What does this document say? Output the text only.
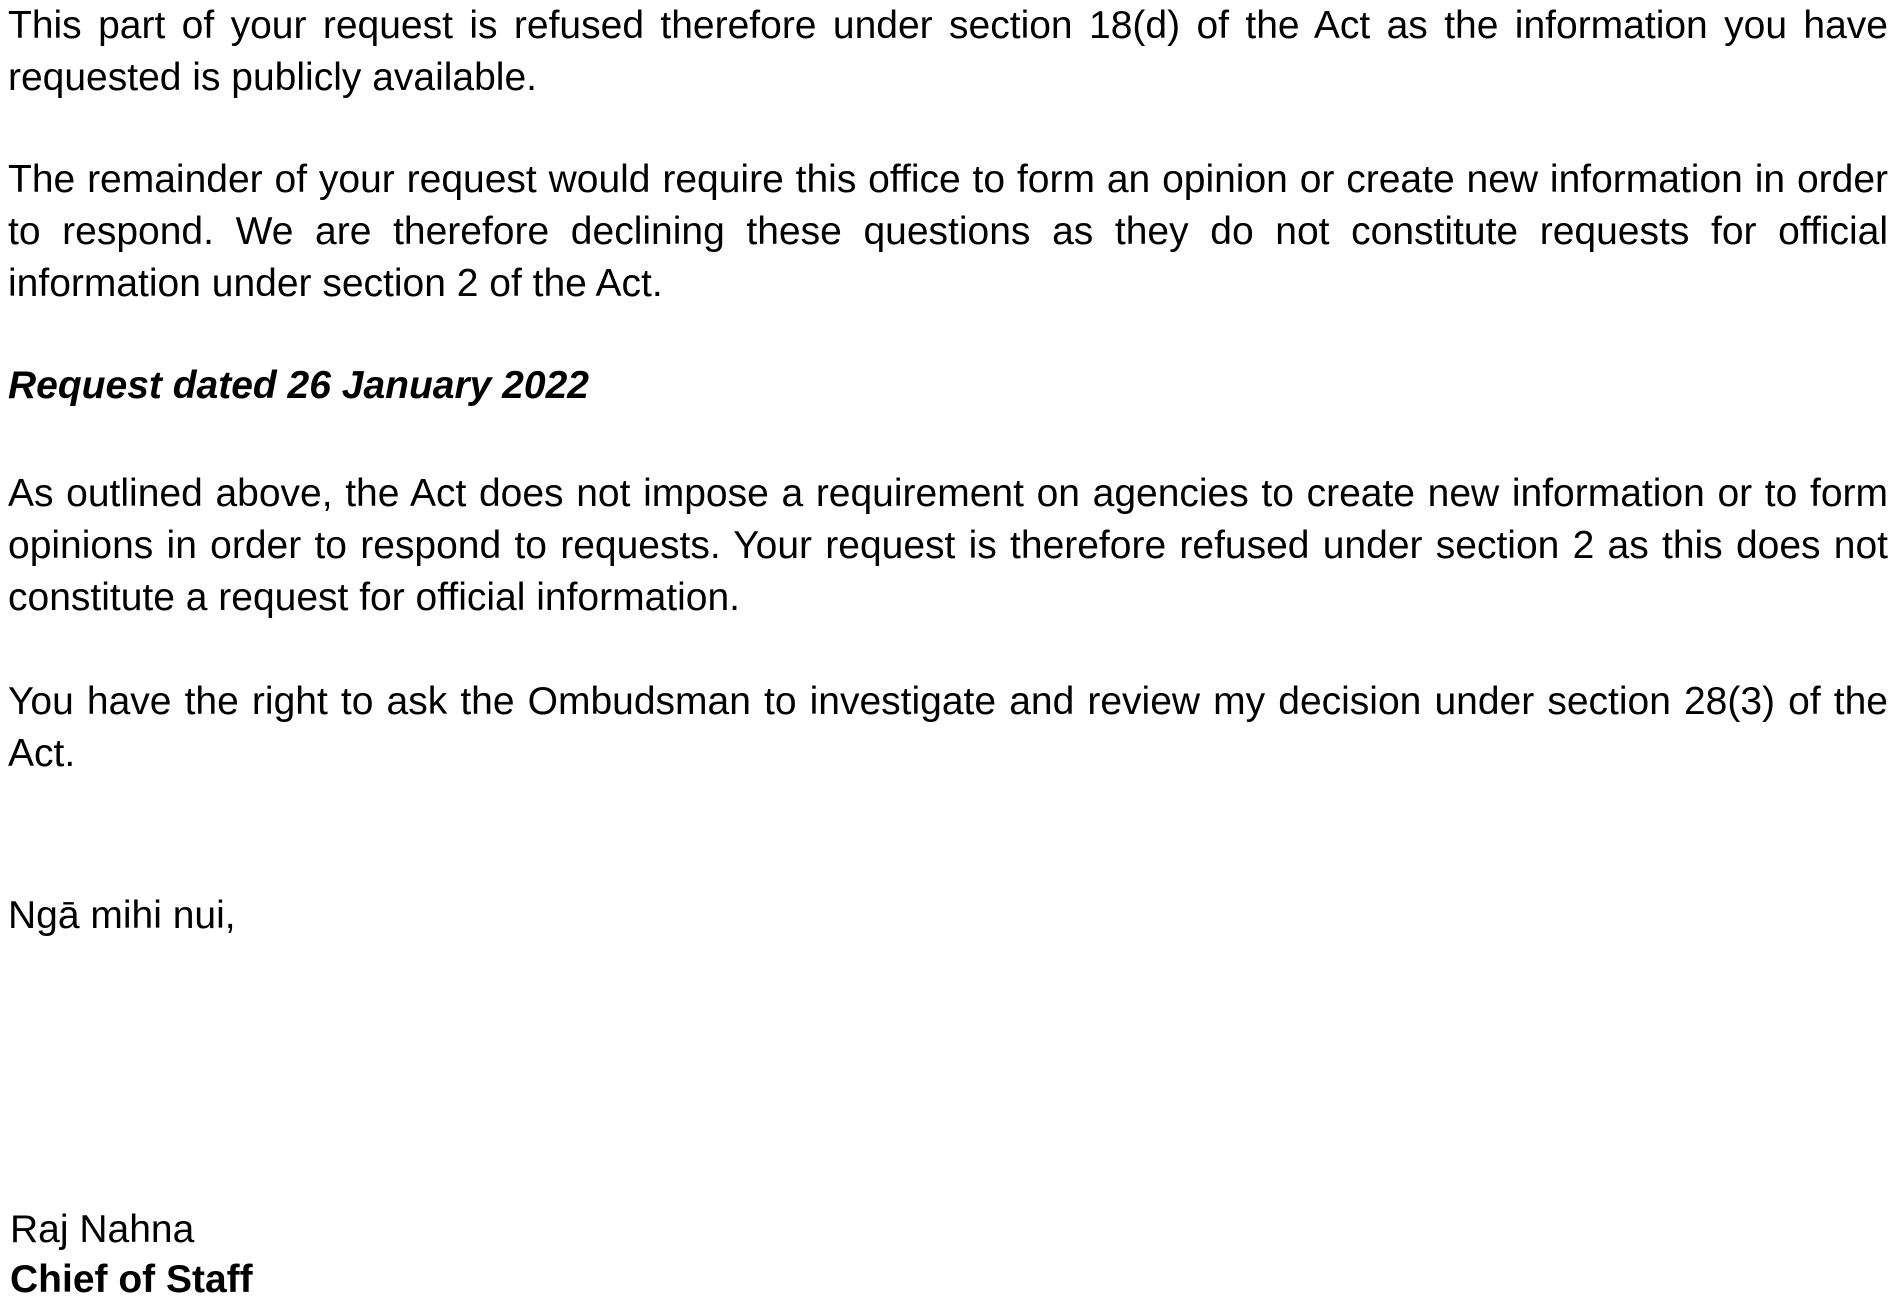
This part of your request is refused therefore under section 18(d) of the Act as the information you have requested is publicly available.

The remainder of your request would require this office to form an opinion or create new information in order to respond. We are therefore declining these questions as they do not constitute requests for official information under section 2 of the Act.

Request dated 26 January 2022

As outlined above, the Act does not impose a requirement on agencies to create new information or to form opinions in order to respond to requests. Your request is therefore refused under section 2 as this does not constitute a request for official information.

You have the right to ask the Ombudsman to investigate and review my decision under section 28(3) of the Act.

Ngā mihi nui,

Raj Nahna

Chief of Staff
